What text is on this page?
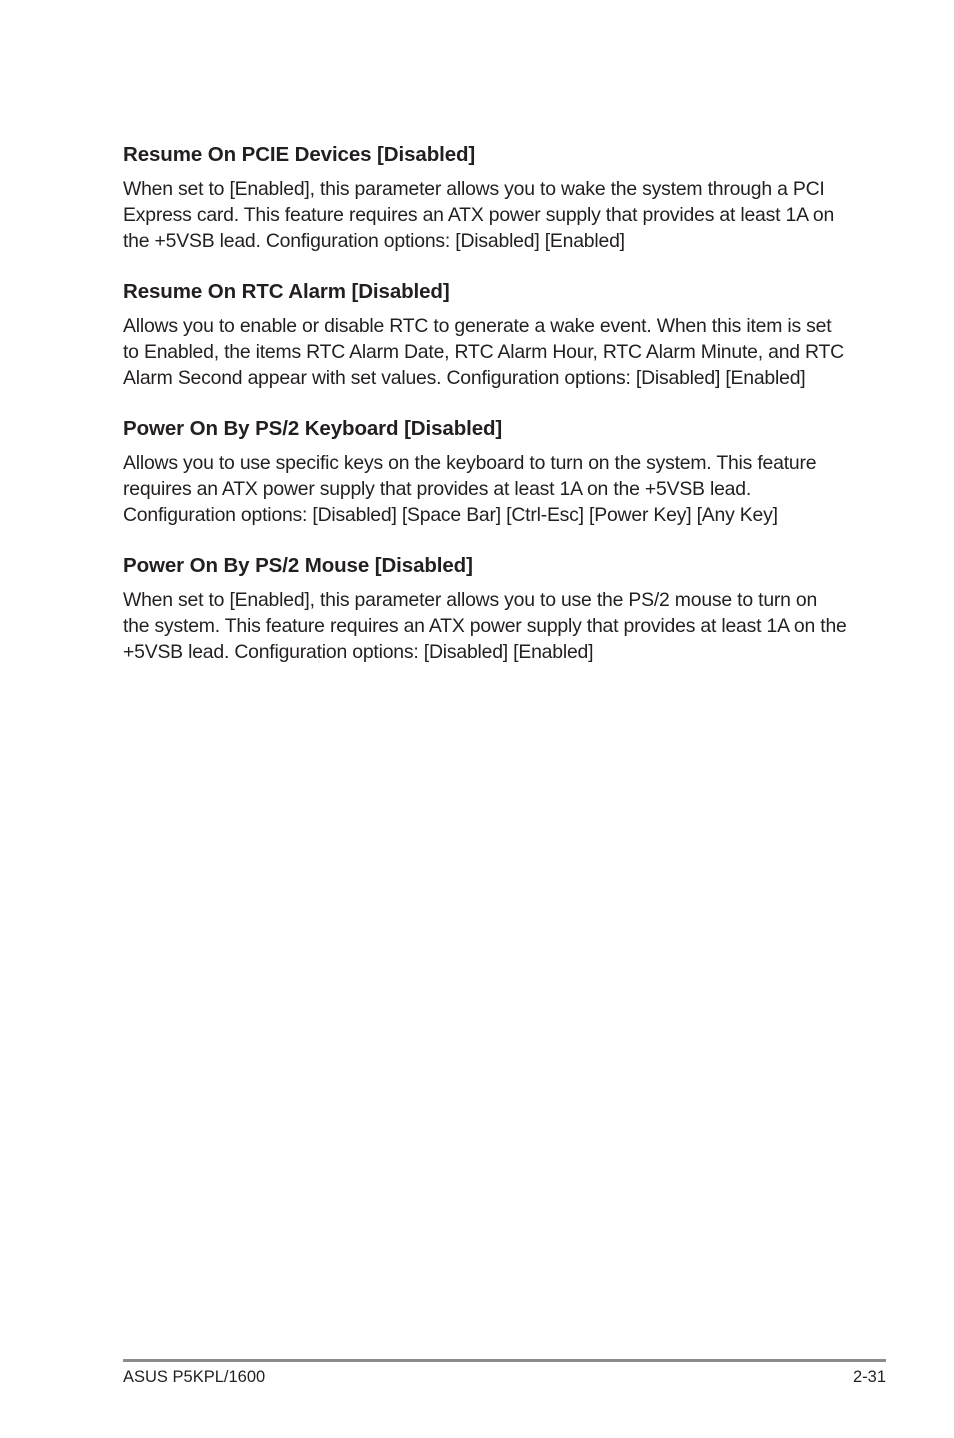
Resume On PCIE Devices [Disabled]

When set to [Enabled], this parameter allows you to wake the system through a PCI Express card. This feature requires an ATX power supply that provides at least 1A on the +5VSB lead. Configuration options: [Disabled] [Enabled]

Resume On RTC Alarm [Disabled]

Allows you to enable or disable RTC to generate a wake event. When this item is set to Enabled, the items RTC Alarm Date, RTC Alarm Hour, RTC Alarm Minute, and RTC Alarm Second appear with set values. Configuration options: [Disabled] [Enabled]

Power On By PS/2 Keyboard [Disabled]

Allows you to use specific keys on the keyboard to turn on the system. This feature requires an ATX power supply that provides at least 1A on the +5VSB lead. Configuration options: [Disabled] [Space Bar] [Ctrl-Esc] [Power Key] [Any Key]

Power On By PS/2 Mouse [Disabled]

When set to [Enabled], this parameter allows you to use the PS/2 mouse to turn on the system. This feature requires an ATX power supply that provides at least 1A on the +5VSB lead. Configuration options: [Disabled] [Enabled]

ASUS P5KPL/1600	2-31
